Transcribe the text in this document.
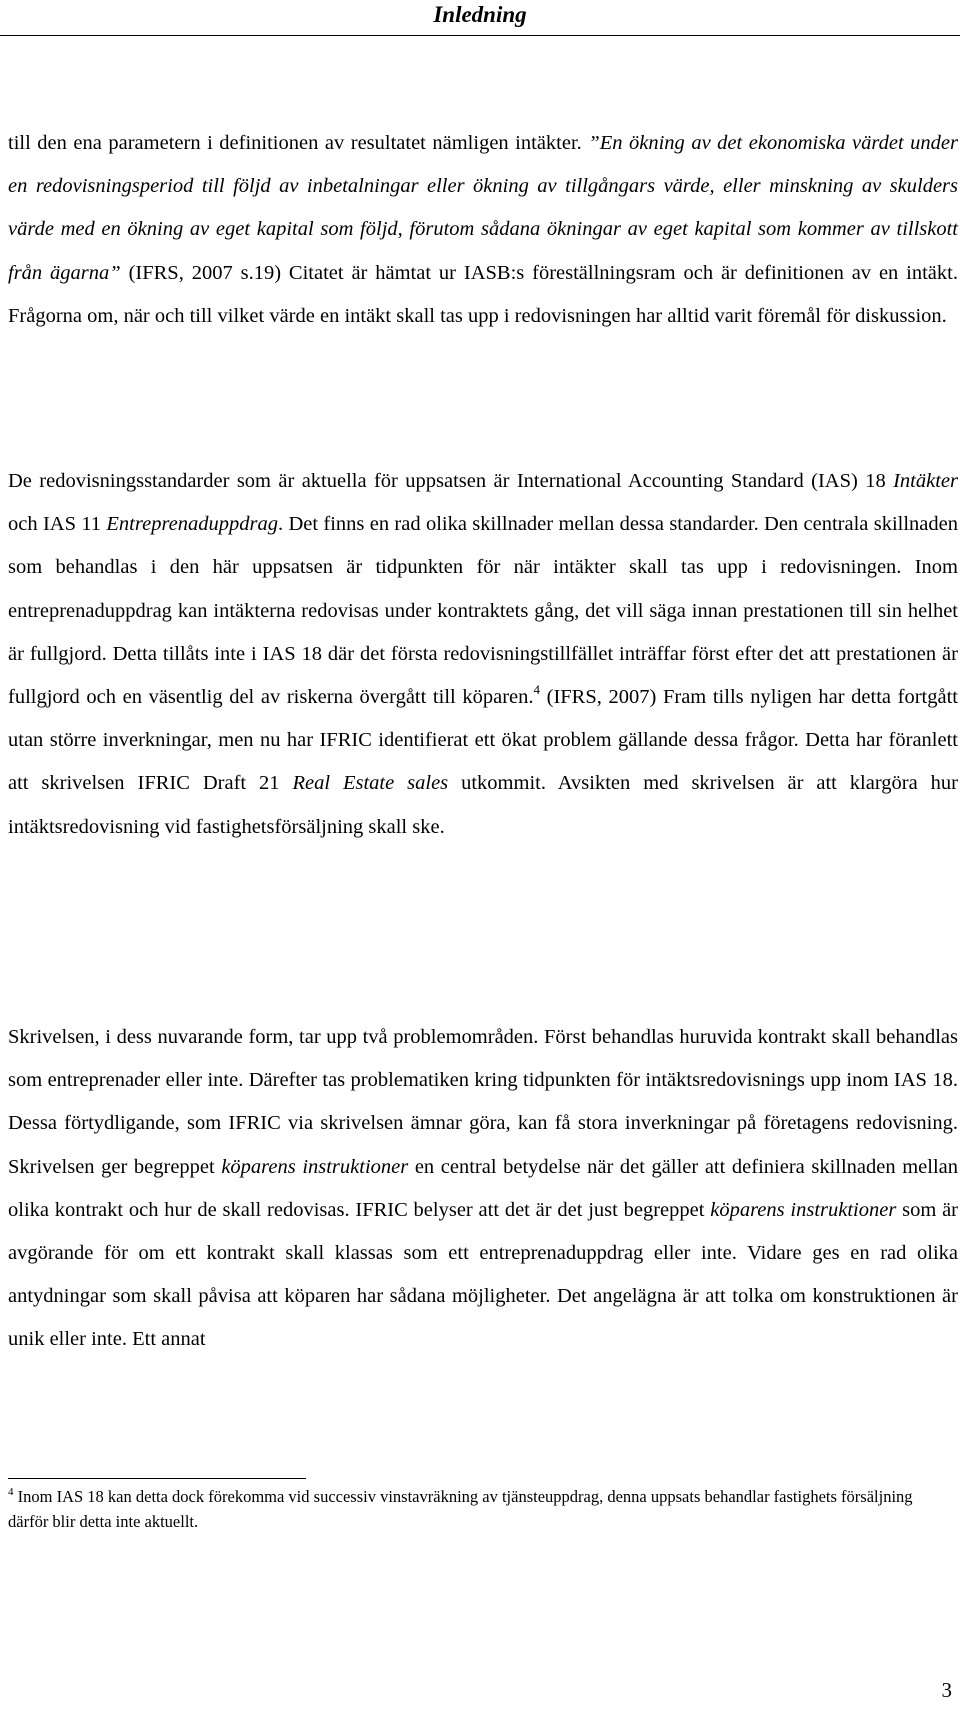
Inledning

till den ena parametern i definitionen av resultatet nämligen intäkter. ”En ökning av det ekonomiska värdet under en redovisningsperiod till följd av inbetalningar eller ökning av tillgångars värde, eller minskning av skulders värde med en ökning av eget kapital som följd, förutom sådana ökningar av eget kapital som kommer av tillskott från ägarna” (IFRS, 2007 s.19) Citatet är hämtat ur IASB:s föreställningsram och är definitionen av en intäkt. Frågorna om, när och till vilket värde en intäkt skall tas upp i redovisningen har alltid varit föremål för diskussion.

De redovisningsstandarder som är aktuella för uppsatsen är International Accounting Standard (IAS) 18 Intäkter och IAS 11 Entreprenaduppdrag. Det finns en rad olika skillnader mellan dessa standarder. Den centrala skillnaden som behandlas i den här uppsatsen är tidpunkten för när intäkter skall tas upp i redovisningen. Inom entreprenaduppdrag kan intäkterna redovisas under kontraktets gång, det vill säga innan prestationen till sin helhet är fullgjord. Detta tillåts inte i IAS 18 där det första redovisningstillfället inträffar först efter det att prestationen är fullgjord och en väsentlig del av riskerna övergått till köparen.$^4$ (IFRS, 2007) Fram tills nyligen har detta fortgått utan större inverkningar, men nu har IFRIC identifierat ett ökat problem gällande dessa frågor. Detta har föranlett att skrivelsen IFRIC Draft 21 Real Estate sales utkommit. Avsikten med skrivelsen är att klargöra hur intäktsredovisning vid fastighetsförsäljning skall ske.

Skrivelsen, i dess nuvarande form, tar upp två problemområden. Först behandlas huruvida kontrakt skall behandlas som entreprenader eller inte. Därefter tas problematiken kring tidpunkten för intäktsredovisnings upp inom IAS 18. Dessa förtydligande, som IFRIC via skrivelsen ämnar göra, kan få stora inverkningar på företagens redovisning. Skrivelsen ger begreppet köparens instruktioner en central betydelse när det gäller att definiera skillnaden mellan olika kontrakt och hur de skall redovisas. IFRIC belyser att det är det just begreppet köparens instruktioner som är avgörande för om ett kontrakt skall klassas som ett entreprenaduppdrag eller inte. Vidare ges en rad olika antydningar som skall påvisa att köparen har sådana möjligheter. Det angelägna är att tolka om konstruktionen är unik eller inte. Ett annat

$^4$ Inom IAS 18 kan detta dock förekomma vid successiv vinstavräkning av tjänsteuppdrag, denna uppsats behandlar fastighets försäljning därför blir detta inte aktuellt.

3
